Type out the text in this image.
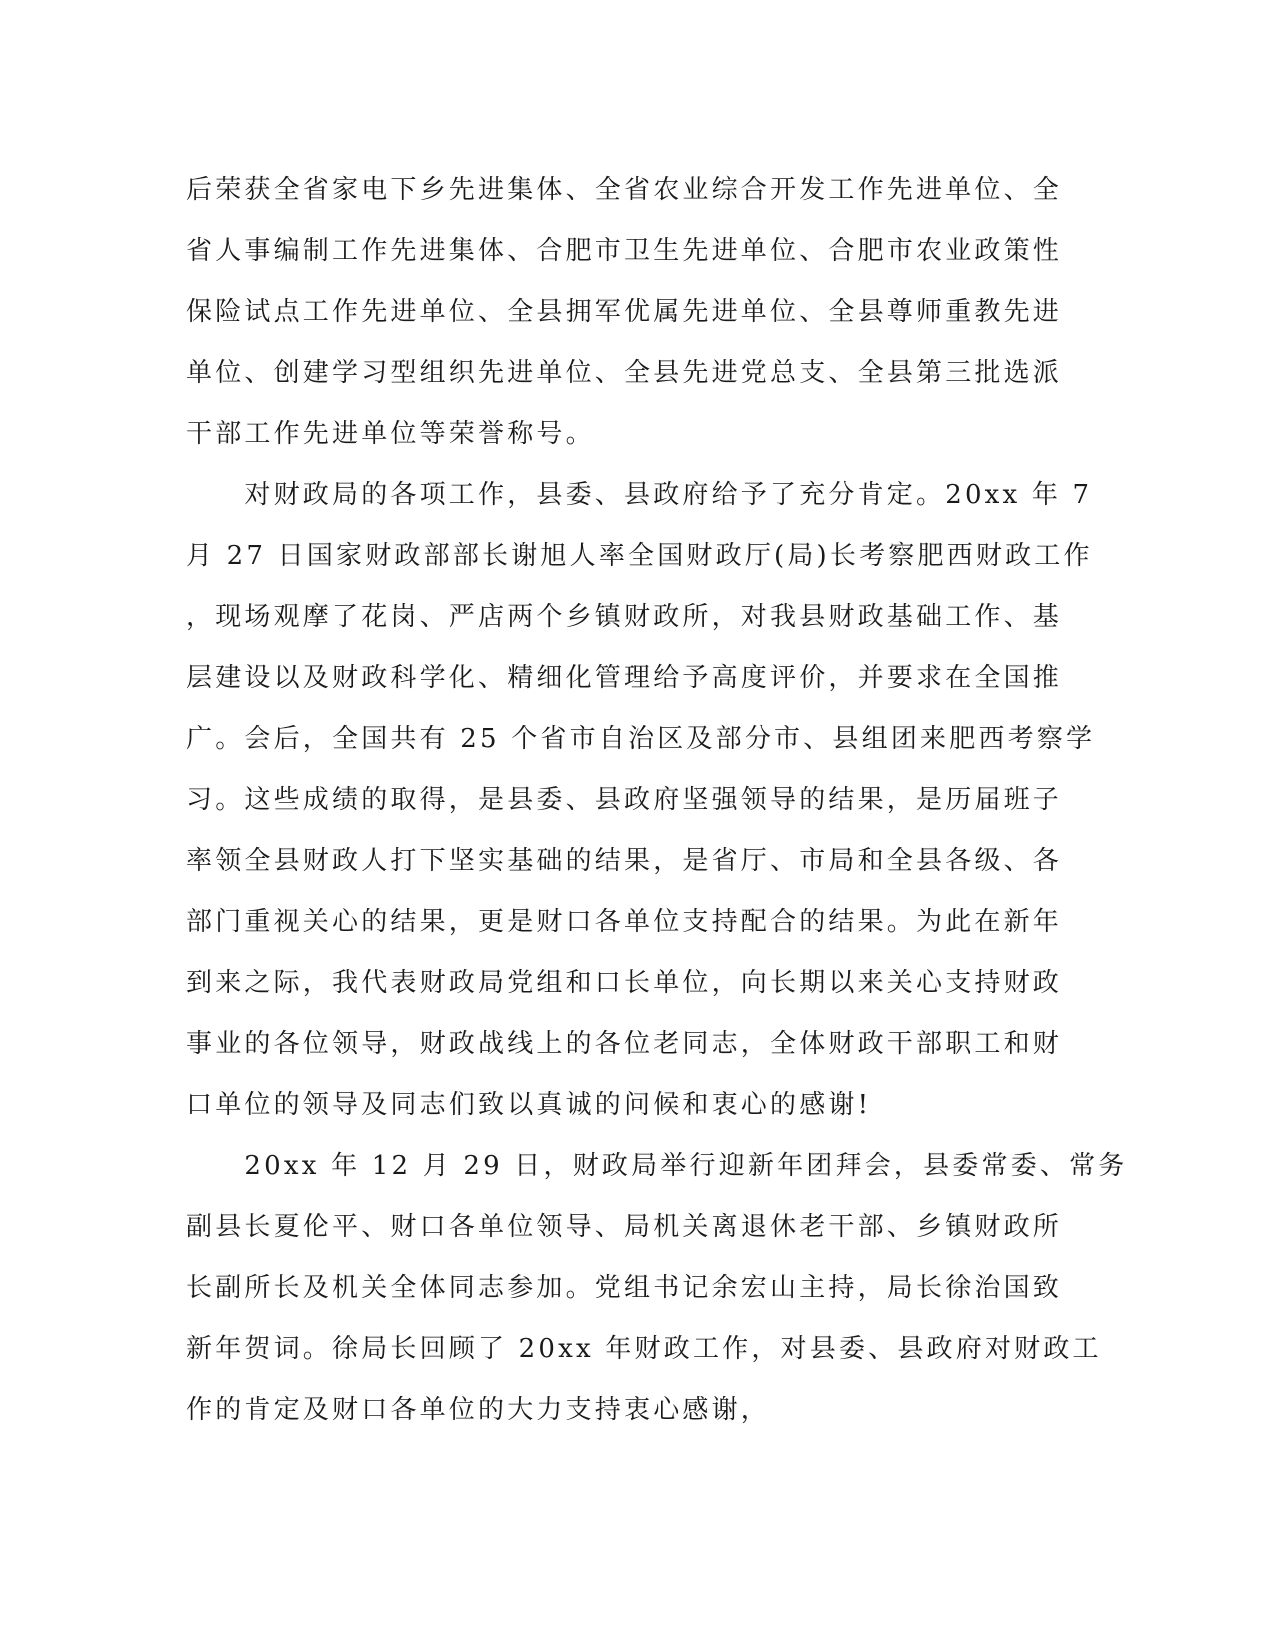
后荣获全省家电下乡先进集体、全省农业综合开发工作先进单位、全
省人事编制工作先进集体、合肥市卫生先进单位、合肥市农业政策性
保险试点工作先进单位、全县拥军优属先进单位、全县尊师重教先进
单位、创建学习型组织先进单位、全县先进党总支、全县第三批选派
干部工作先进单位等荣誉称号。
　　对财政局的各项工作，县委、县政府给予了充分肯定。20xx 年 7
月 27 日国家财政部部长谢旭人率全国财政厅(局)长考察肥西财政工作
，现场观摩了花岗、严店两个乡镇财政所，对我县财政基础工作、基
层建设以及财政科学化、精细化管理给予高度评价，并要求在全国推
广。会后，全国共有 25 个省市自治区及部分市、县组团来肥西考察学
习。这些成绩的取得，是县委、县政府坚强领导的结果，是历届班子
率领全县财政人打下坚实基础的结果，是省厅、市局和全县各级、各
部门重视关心的结果，更是财口各单位支持配合的结果。为此在新年
到来之际，我代表财政局党组和口长单位，向长期以来关心支持财政
事业的各位领导，财政战线上的各位老同志，全体财政干部职工和财
口单位的领导及同志们致以真诚的问候和衷心的感谢!
　　20xx 年 12 月 29 日，财政局举行迎新年团拜会，县委常委、常务
副县长夏伦平、财口各单位领导、局机关离退休老干部、乡镇财政所
长副所长及机关全体同志参加。党组书记余宏山主持，局长徐治国致
新年贺词。徐局长回顾了 20xx 年财政工作，对县委、县政府对财政工
作的肯定及财口各单位的大力支持衷心感谢，
